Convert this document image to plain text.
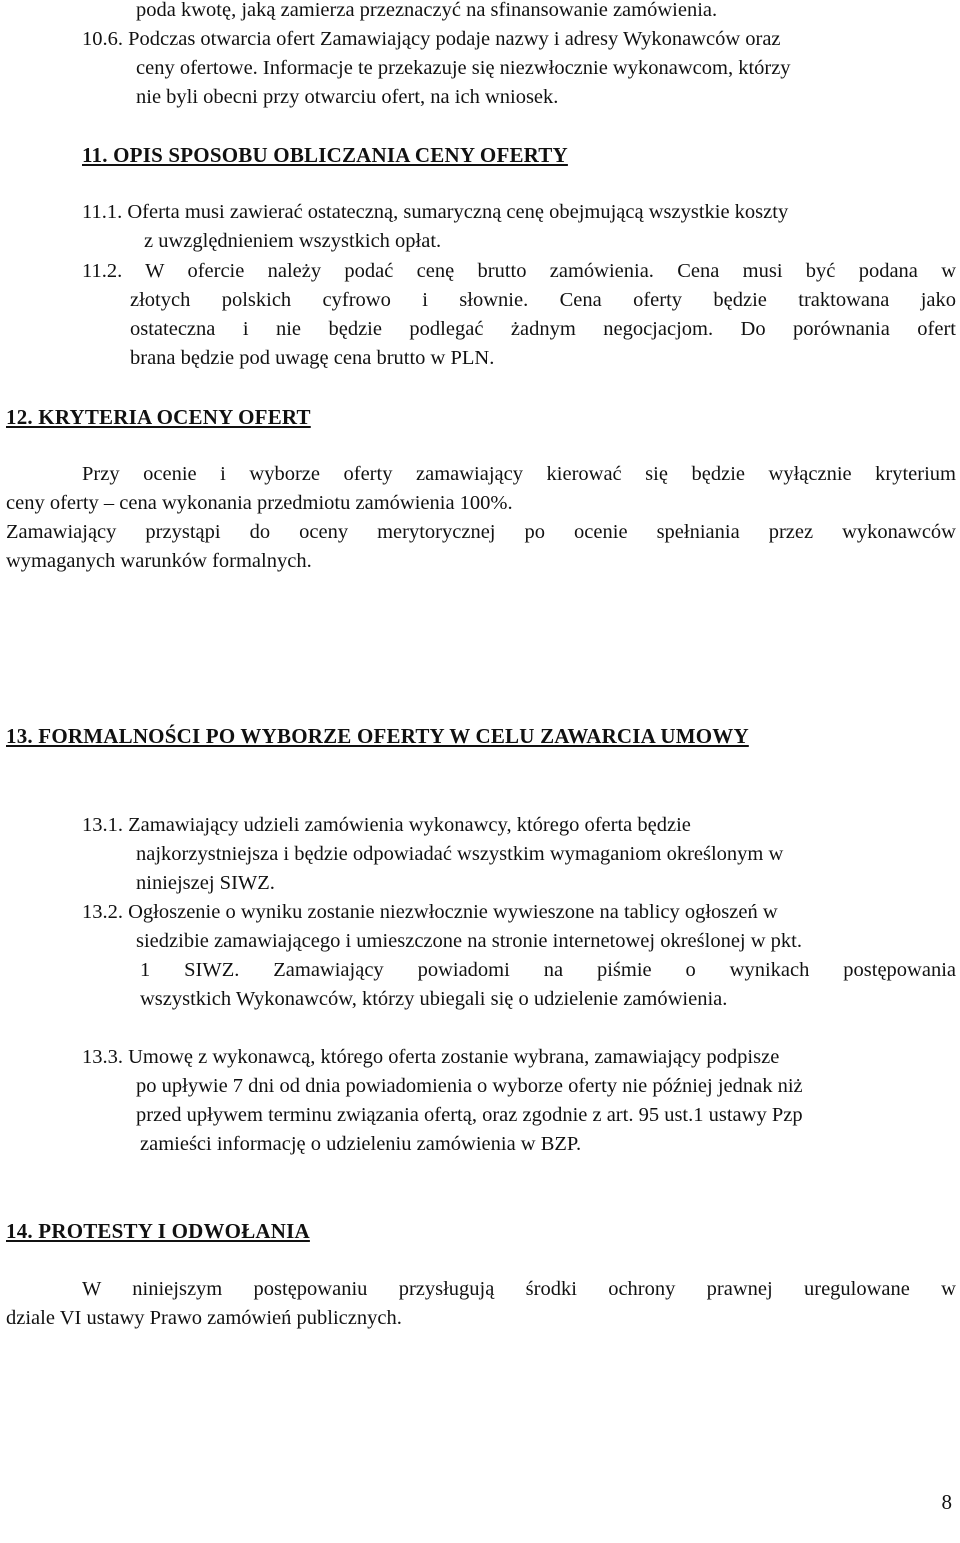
poda kwotę, jaką zamierza przeznaczyć na sfinansowanie zamówienia.
10.6. Podczas otwarcia ofert Zamawiający podaje nazwy i adresy Wykonawców oraz
ceny ofertowe. Informacje te przekazuje się niezwłocznie wykonawcom, którzy
nie byli obecni przy otwarciu ofert, na ich wniosek.
11. OPIS SPOSOBU OBLICZANIA CENY OFERTY
11.1. Oferta musi zawierać ostateczną, sumaryczną cenę obejmującą wszystkie koszty
z uwzględnieniem wszystkich opłat.
11.2. W ofercie należy podać cenę brutto zamówienia. Cena musi być podana w
złotych polskich cyfrowo i słownie. Cena oferty będzie traktowana jako
ostateczna i nie będzie podlegać żadnym negocjacjom. Do porównania ofert
brana będzie pod uwagę cena brutto w PLN.
12. KRYTERIA OCENY OFERT
Przy ocenie i wyborze oferty zamawiający kierować się będzie wyłącznie kryterium
ceny oferty – cena wykonania przedmiotu zamówienia 100%.
Zamawiający przystąpi do oceny merytorycznej po ocenie spełniania przez wykonawców
wymaganych warunków formalnych.
13. FORMALNOŚCI PO WYBORZE OFERTY W CELU ZAWARCIA UMOWY
13.1. Zamawiający udzieli zamówienia wykonawcy, którego oferta będzie
najkorzystniejsza i będzie odpowiadać wszystkim wymaganiom określonym w
niniejszej SIWZ.
13.2. Ogłoszenie o wyniku zostanie niezwłocznie wywieszone na tablicy ogłoszeń w
siedzibie zamawiającego i umieszczone na stronie internetowej określonej w pkt.
1 SIWZ. Zamawiający powiadomi na piśmie o wynikach postępowania
wszystkich Wykonawców, którzy ubiegali się o udzielenie zamówienia.
13.3. Umowę z wykonawcą, którego oferta zostanie wybrana, zamawiający podpisze
po upływie 7 dni od dnia powiadomienia o wyborze oferty nie później jednak niż
przed upływem terminu związania ofertą, oraz zgodnie z art. 95 ust.1 ustawy Pzp
zamieści informację o udzieleniu zamówienia w BZP.
14. PROTESTY I ODWOŁANIA
W niniejszym postępowaniu przysługują środki ochrony prawnej uregulowane w
dziale VI ustawy Prawo zamówień publicznych.
8
